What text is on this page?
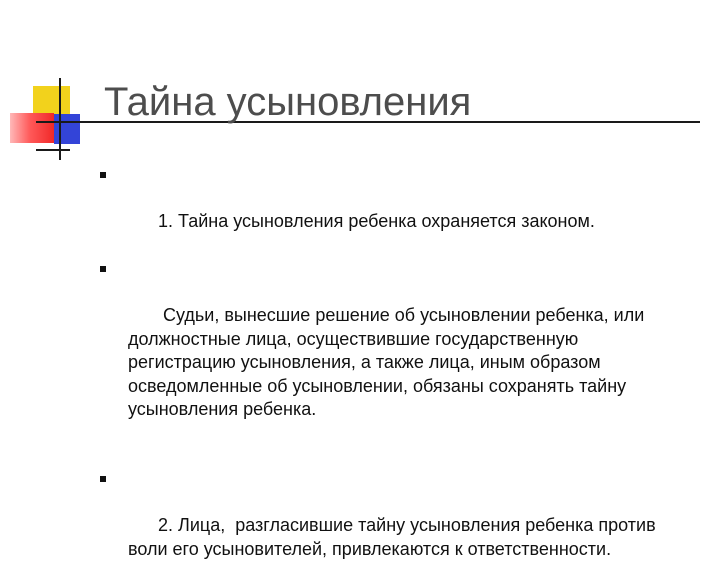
Тайна усыновления

1. Тайна усыновления ребенка охраняется законом.

Судьи, вынесшие решение об усыновлении ребенка, или
должностные лица, осуществившие государственную
регистрацию усыновления, а также лица, иным образом
осведомленные об усыновлении, обязаны сохранять тайну
усыновления ребенка.

2. Лица,  разгласившие тайну усыновления ребенка против
воли его усыновителей, привлекаются к ответственности.
